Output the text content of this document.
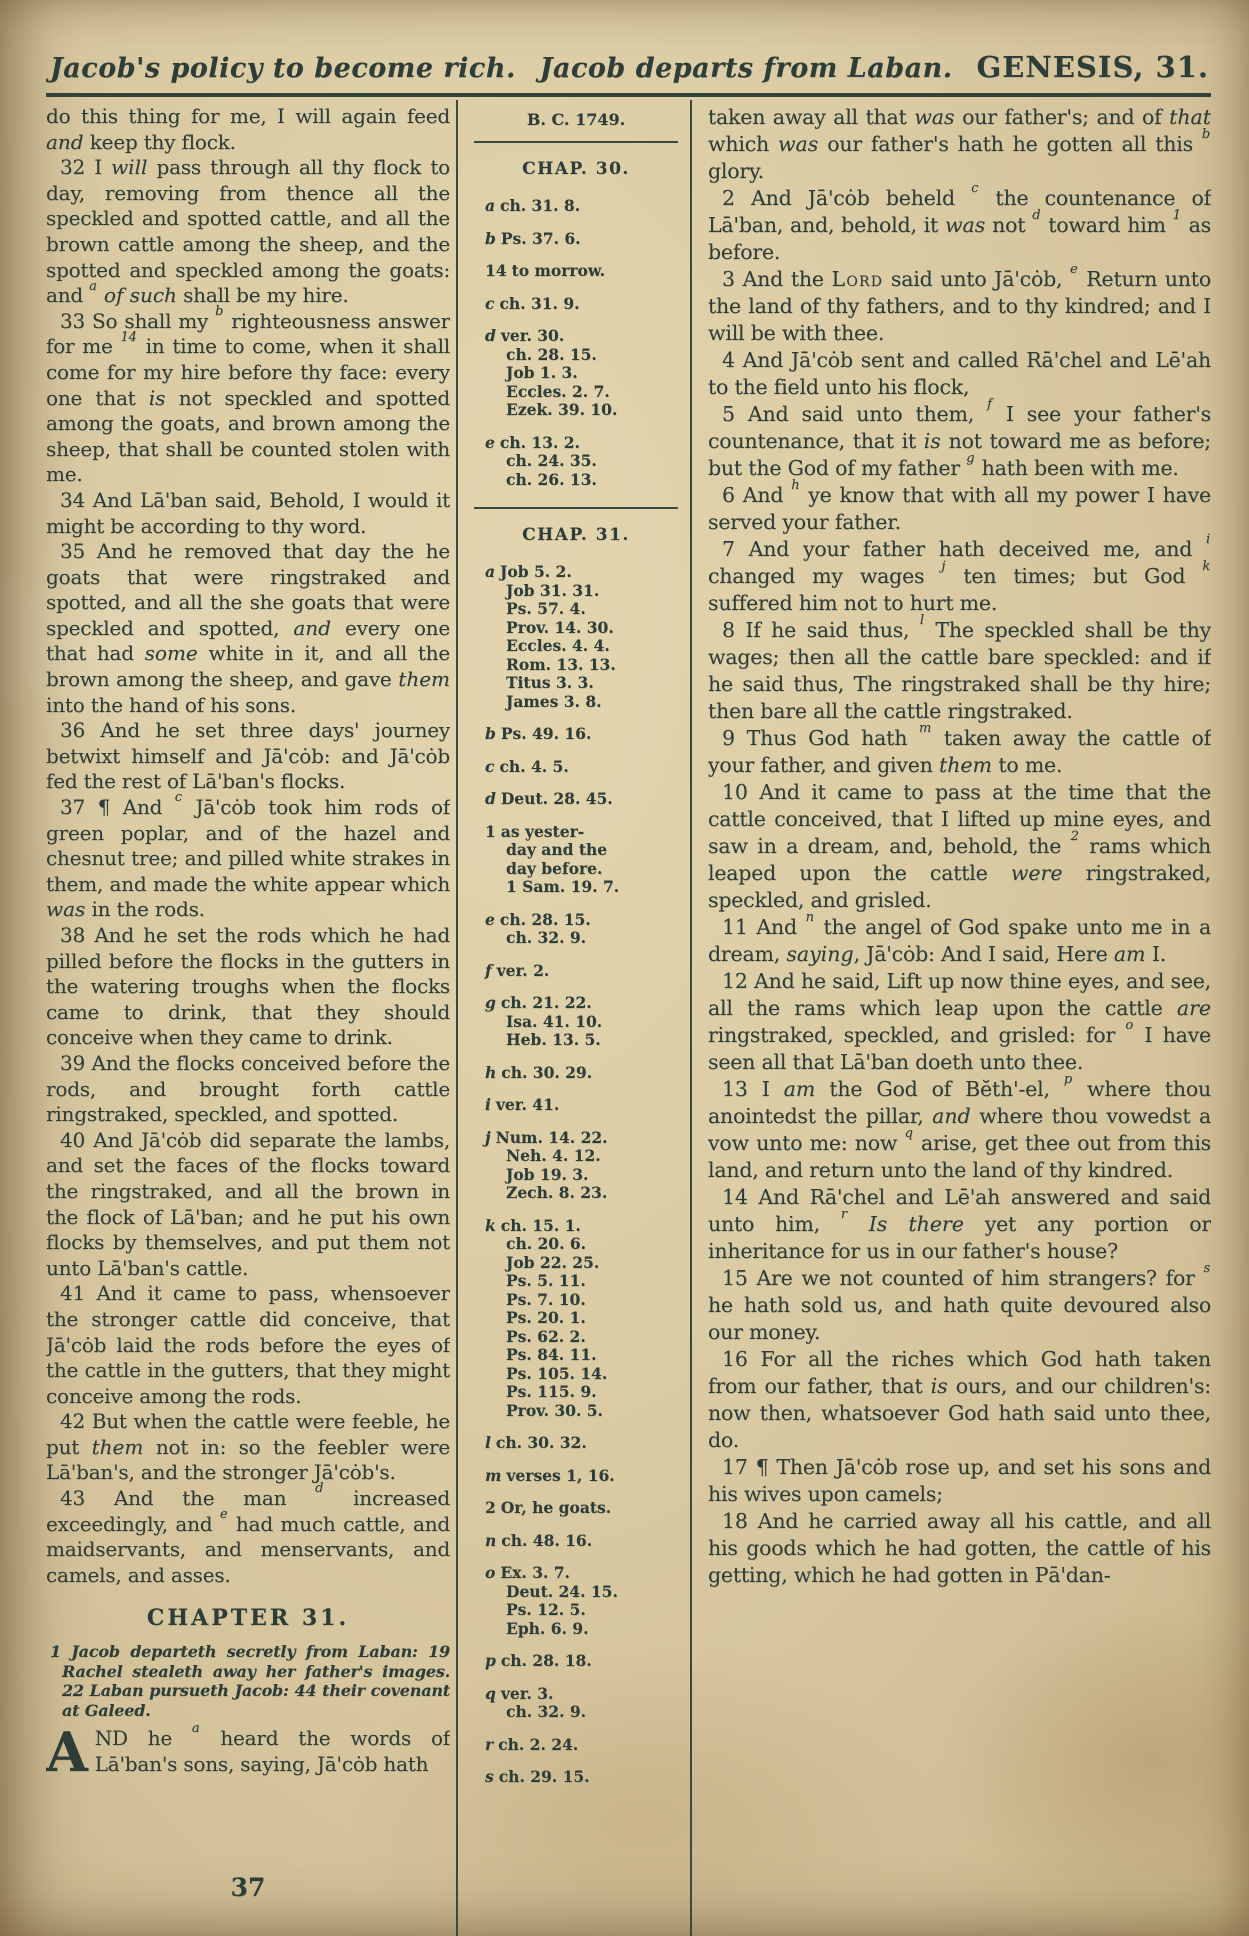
Jacob's policy to become rich. Jacob departs from Laban. GENESIS, 31.

do this thing for me, I will again feed and keep thy flock.

32 I will pass through all thy flock to day, removing from thence all the speckled and spotted cattle, and all the brown cattle among the sheep, and the spotted and speckled among the goats: and $^a$ of such shall be my hire.

33 So shall my $^b$ righteousness answer for me $^{14}$ in time to come, when it shall come for my hire before thy face: every one that is not speckled and spotted among the goats, and brown among the sheep, that shall be counted stolen with me.

34 And Lā'ban said, Behold, I would it might be according to thy word.

35 And he removed that day the he goats that were ringstraked and spotted, and all the she goats that were speckled and spotted, and every one that had some white in it, and all the brown among the sheep, and gave them into the hand of his sons.

36 And he set three days' journey betwixt himself and Jā'cȯb: and Jā'cȯb fed the rest of Lā'ban's flocks.

37 ¶ And $^c$ Jā'cȯb took him rods of green poplar, and of the hazel and chesnut tree; and pilled white strakes in them, and made the white appear which was in the rods.

38 And he set the rods which he had pilled before the flocks in the gutters in the watering troughs when the flocks came to drink, that they should conceive when they came to drink.

39 And the flocks conceived before the rods, and brought forth cattle ringstraked, speckled, and spotted.

40 And Jā'cȯb did separate the lambs, and set the faces of the flocks toward the ringstraked, and all the brown in the flock of Lā'ban; and he put his own flocks by themselves, and put them not unto Lā'ban's cattle.

41 And it came to pass, whensoever the stronger cattle did conceive, that Jā'cȯb laid the rods before the eyes of the cattle in the gutters, that they might conceive among the rods.

42 But when the cattle were feeble, he put them not in: so the feebler were Lā'ban's, and the stronger Jā'cȯb's.

43 And the man $^d$ increased exceedingly, and $^e$ had much cattle, and maidservants, and menservants, and camels, and asses.

CHAPTER 31.

1 Jacob departeth secretly from Laban: 19 Rachel stealeth away her father's images. 22 Laban pursueth Jacob: 44 their covenant at Galeed.

AND he $^a$ heard the words of Lā'ban's sons, saying, Jā'cȯb hath

B. C. 1749.
CHAP. 30.
a ch. 31. 8.
b Ps. 37. 6.
14 to morrow.
c ch. 31. 9.
d ver. 30.
ch. 28. 15.
Job 1. 3.
Eccles. 2. 7.
Ezek. 39. 10.
e ch. 13. 2.
ch. 24. 35.
ch. 26. 13.
CHAP. 31.
a Job 5. 2.
Job 31. 31.
Ps. 57. 4.
Prov. 14. 30.
Eccles. 4. 4.
Rom. 13. 13.
Titus 3. 3.
James 3. 8.
b Ps. 49. 16.
c ch. 4. 5.
d Deut. 28. 45.
1 as yester-
day and the
day before.
1 Sam. 19. 7.
e ch. 28. 15.
ch. 32. 9.
f ver. 2.
g ch. 21. 22.
Isa. 41. 10.
Heb. 13. 5.
h ch. 30. 29.
i ver. 41.
j Num. 14. 22.
Neh. 4. 12.
Job 19. 3.
Zech. 8. 23.
k ch. 15. 1.
ch. 20. 6.
Job 22. 25.
Ps. 5. 11.
Ps. 7. 10.
Ps. 20. 1.
Ps. 62. 2.
Ps. 84. 11.
Ps. 105. 14.
Ps. 115. 9.
Prov. 30. 5.
l ch. 30. 32.
m verses 1, 16.
2 Or, he goats.
n ch. 48. 16.
o Ex. 3. 7.
Deut. 24. 15.
Ps. 12. 5.
Eph. 6. 9.
p ch. 28. 18.
q ver. 3.
ch. 32. 9.
r ch. 2. 24.
s ch. 29. 15.

taken away all that was our father's; and of that which was our father's hath he gotten all this $^b$ glory.

2 And Jā'cȯb beheld $^c$ the countenance of Lā'ban, and, behold, it was not $^d$ toward him $^1$ as before.

3 And the Lord said unto Jā'cȯb, $^e$ Return unto the land of thy fathers, and to thy kindred; and I will be with thee.

4 And Jā'cȯb sent and called Rā'chel and Lē'ah to the field unto his flock,

5 And said unto them, $^f$ I see your father's countenance, that it is not toward me as before; but the God of my father $^g$ hath been with me.

6 And $^h$ ye know that with all my power I have served your father.

7 And your father hath deceived me, and $^i$ changed my wages $^j$ ten times; but God $^k$ suffered him not to hurt me.

8 If he said thus, $^l$ The speckled shall be thy wages; then all the cattle bare speckled: and if he said thus, The ringstraked shall be thy hire; then bare all the cattle ringstraked.

9 Thus God hath $^m$ taken away the cattle of your father, and given them to me.

10 And it came to pass at the time that the cattle conceived, that I lifted up mine eyes, and saw in a dream, and, behold, the $^2$ rams which leaped upon the cattle were ringstraked, speckled, and grisled.

11 And $^n$ the angel of God spake unto me in a dream, saying, Jā'cȯb: And I said, Here am I.

12 And he said, Lift up now thine eyes, and see, all the rams which leap upon the cattle are ringstraked, speckled, and grisled: for $^o$ I have seen all that Lā'ban doeth unto thee.

13 I am the God of Bĕth'-el, $^p$ where thou anointedst the pillar, and where thou vowedst a vow unto me: now $^q$ arise, get thee out from this land, and return unto the land of thy kindred.

14 And Rā'chel and Lē'ah answered and said unto him, $^r$ Is there yet any portion or inheritance for us in our father's house?

15 Are we not counted of him strangers? for $^s$ he hath sold us, and hath quite devoured also our money.

16 For all the riches which God hath taken from our father, that is ours, and our children's: now then, whatsoever God hath said unto thee, do.

17 ¶ Then Jā'cȯb rose up, and set his sons and his wives upon camels;

18 And he carried away all his cattle, and all his goods which he had gotten, the cattle of his getting, which he had gotten in Pā'dan-

37
